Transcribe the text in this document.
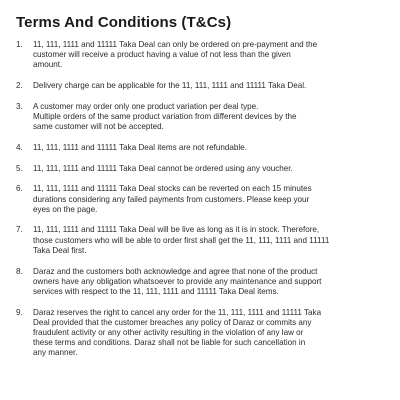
Terms And Conditions (T&Cs)
1.	11, 111, 1111 and 11111 Taka Deal can only be ordered on pre-payment and the
customer will receive a product having a value of not less than the given
amount.
2.	Delivery charge can be applicable for the 11, 111, 1111 and 11111 Taka Deal.
3.	A customer may order only one product variation per deal type.
Multiple orders of the same product variation from different devices by the
same customer will not be accepted.
4.	11, 111, 1111 and 11111 Taka Deal items are not refundable.
5.	11, 111, 1111 and 11111 Taka Deal cannot be ordered using any voucher.
6.	11, 111, 1111 and 11111 Taka Deal stocks can be reverted on each 15 minutes
durations considering any failed payments from customers. Please keep your
eyes on the page.
7.	11, 111, 1111 and 11111 Taka Deal will be live as long as it is in stock. Therefore,
those customers who will be able to order first shall get the 11, 111, 1111 and 11111
Taka Deal first.
8.	Daraz and the customers both acknowledge and agree that none of the product
owners have any obligation whatsoever to provide any maintenance and support
services with respect to the 11, 111, 1111 and 11111 Taka Deal items.
9.	Daraz reserves the right to cancel any order for the 11, 111, 1111 and 11111 Taka
Deal provided that the customer breaches any policy of Daraz or commits any
fraudulent activity or any other activity resulting in the violation of any law or
these terms and conditions. Daraz shall not be liable for such cancellation in
any manner.
